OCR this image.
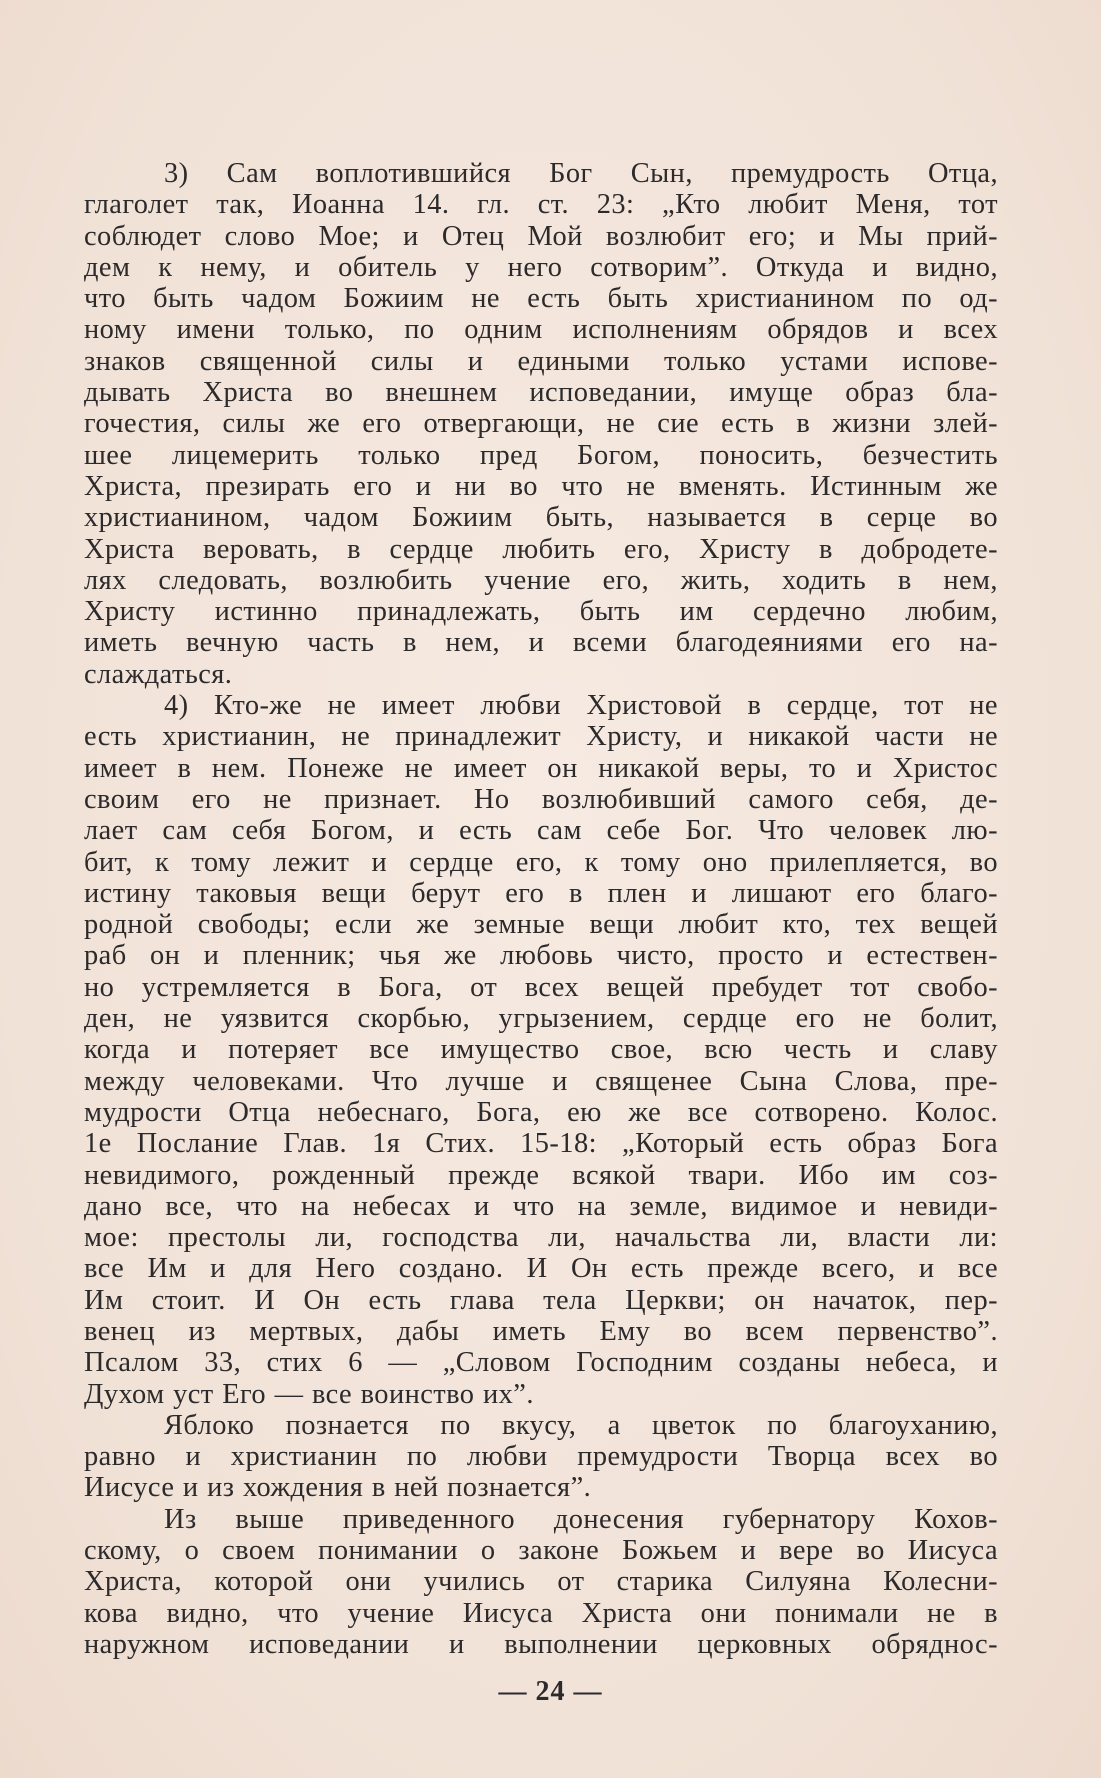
3) Сам воплотившийся Бог Сын, премудрость Отца,
глаголет так, Иоанна 14. гл. ст. 23: „Кто любит Меня, тот
соблюдет слово Мое; и Отец Мой возлюбит его; и Мы прий-
дем к нему, и обитель у него сотворим”. Откуда и видно,
что быть чадом Божиим не есть быть христианином по од-
ному имени только, по одним исполнениям обрядов и всех
знаков священной силы и едиными только устами испове-
дывать Христа во внешнем исповедании, имуще образ бла-
гочестия, силы же его отвергающи, не сие есть в жизни злей-
шее лицемерить только пред Богом, поносить, безчестить
Христа, презирать его и ни во что не вменять. Истинным же
христианином, чадом Божиим быть, называется в серце во
Христа веровать, в сердце любить его, Христу в добродете-
лях следовать, возлюбить учение его, жить, ходить в нем,
Христу истинно принадлежать, быть им сердечно любим,
иметь вечную часть в нем, и всеми благодеяниями его на-
слаждаться.
4) Кто-же не имеет любви Христовой в сердце, тот не
есть христианин, не принадлежит Христу, и никакой части не
имеет в нем. Понеже не имеет он никакой веры, то и Христос
своим его не признает. Но возлюбивший самого себя, де-
лает сам себя Богом, и есть сам себе Бог. Что человек лю-
бит, к тому лежит и сердце его, к тому оно прилепляется, во
истину таковыя вещи берут его в плен и лишают его благо-
родной свободы; если же земные вещи любит кто, тех вещей
раб он и пленник; чья же любовь чисто, просто и естествен-
но устремляется в Бога, от всех вещей пребудет тот свобо-
ден, не уязвится скорбью, угрызением, сердце его не болит,
когда и потеряет все имущество свое, всю честь и славу
между человеками. Что лучше и священее Сына Слова, пре-
мудрости Отца небеснаго, Бога, ею же все сотворено. Колос.
1е Послание Глав. 1я Стих. 15-18: „Который есть образ Бога
невидимого, рожденный прежде всякой твари. Ибо им соз-
дано все, что на небесах и что на земле, видимое и невиди-
мое: престолы ли, господства ли, начальства ли, власти ли:
все Им и для Него создано. И Он есть прежде всего, и все
Им стоит. И Он есть глава тела Церкви; он начаток, пер-
венец из мертвых, дабы иметь Ему во всем первенство”.
Псалом 33, стих 6 — „Словом Господним созданы небеса, и
Духом уст Его — все воинство их”.
Яблоко познается по вкусу, а цветок по благоуханию,
равно и христианин по любви премудрости Творца всех во
Иисусе и из хождения в ней познается”.
Из выше приведенного донесения губернатору Кохов-
скому, о своем понимании о законе Божьем и вере во Иисуса
Христа, которой они учились от старика Силуяна Колесни-
кова видно, что учение Иисуса Христа они понимали не в
наружном исповедании и выполнении церковных обряднос-
— 24 —
